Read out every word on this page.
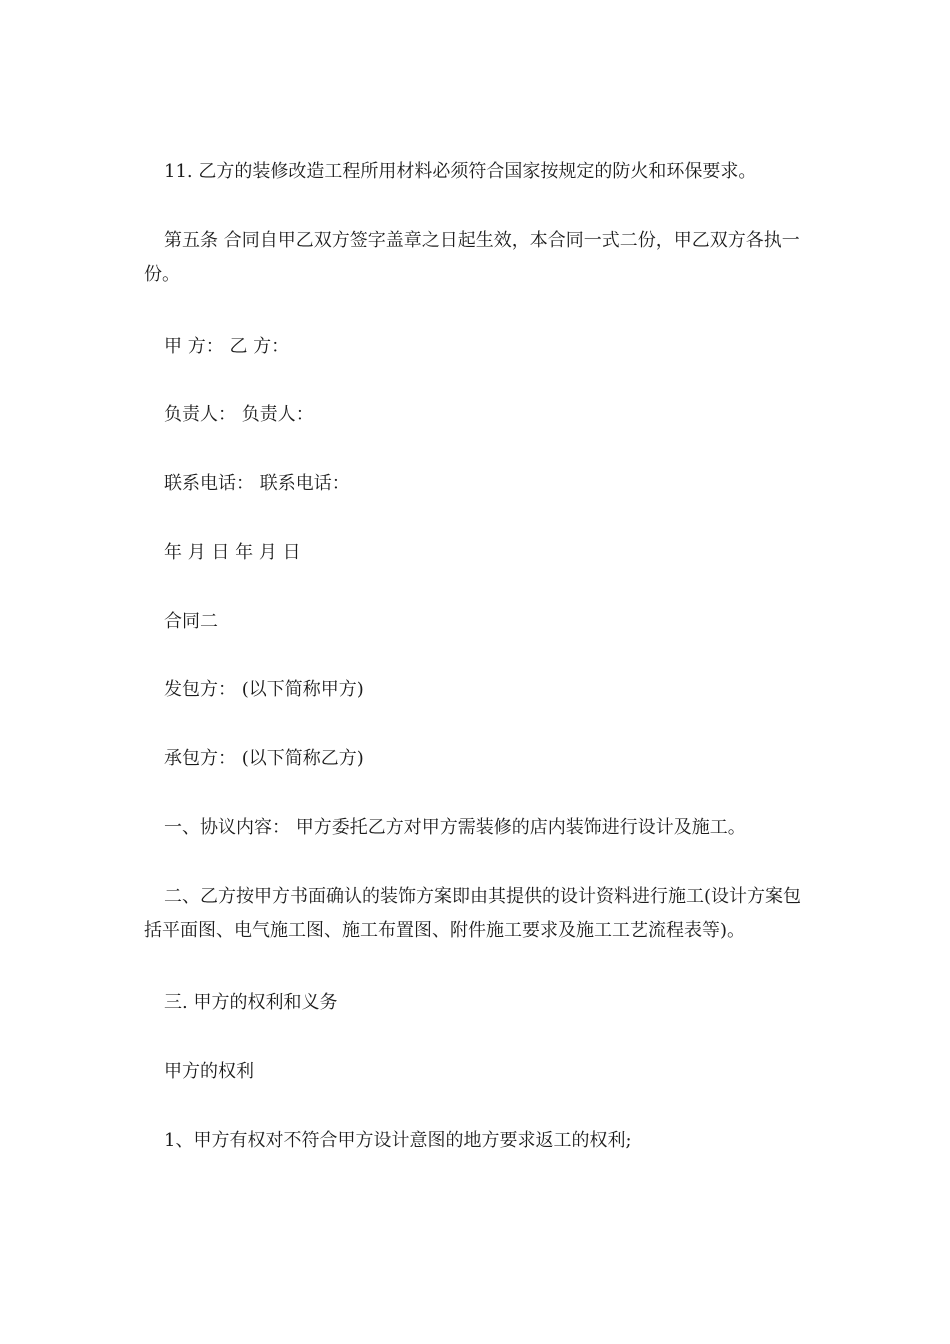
11. 乙方的装修改造工程所用材料必须符合国家按规定的防火和环保要求。

第五条 合同自甲乙双方签字盖章之日起生效，本合同一式二份，甲乙双方各执一份。

甲 方： 乙 方：

负责人： 负责人：

联系电话： 联系电话：

年 月 日 年 月 日

合同二

发包方： (以下简称甲方)

承包方： (以下简称乙方)

一、协议内容： 甲方委托乙方对甲方需装修的店内装饰进行设计及施工。

二、乙方按甲方书面确认的装饰方案即由其提供的设计资料进行施工(设计方案包括平面图、电气施工图、施工布置图、附件施工要求及施工工艺流程表等)。

三. 甲方的权利和义务

甲方的权利

1、甲方有权对不符合甲方设计意图的地方要求返工的权利;
